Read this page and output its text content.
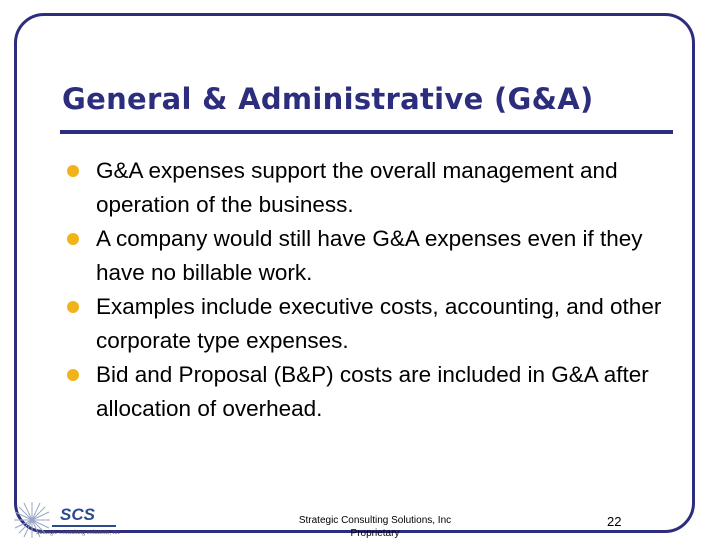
General & Administrative (G&A)
G&A expenses support the overall management and operation of the business.
A company would still have G&A expenses even if they have no billable work.
Examples include executive costs, accounting, and other corporate type expenses.
Bid and Proposal (B&P) costs are included in G&A after allocation of overhead.
SCS
Strategic Consulting Solutions, Inc
Strategic Consulting Solutions, Inc Proprietary
22
